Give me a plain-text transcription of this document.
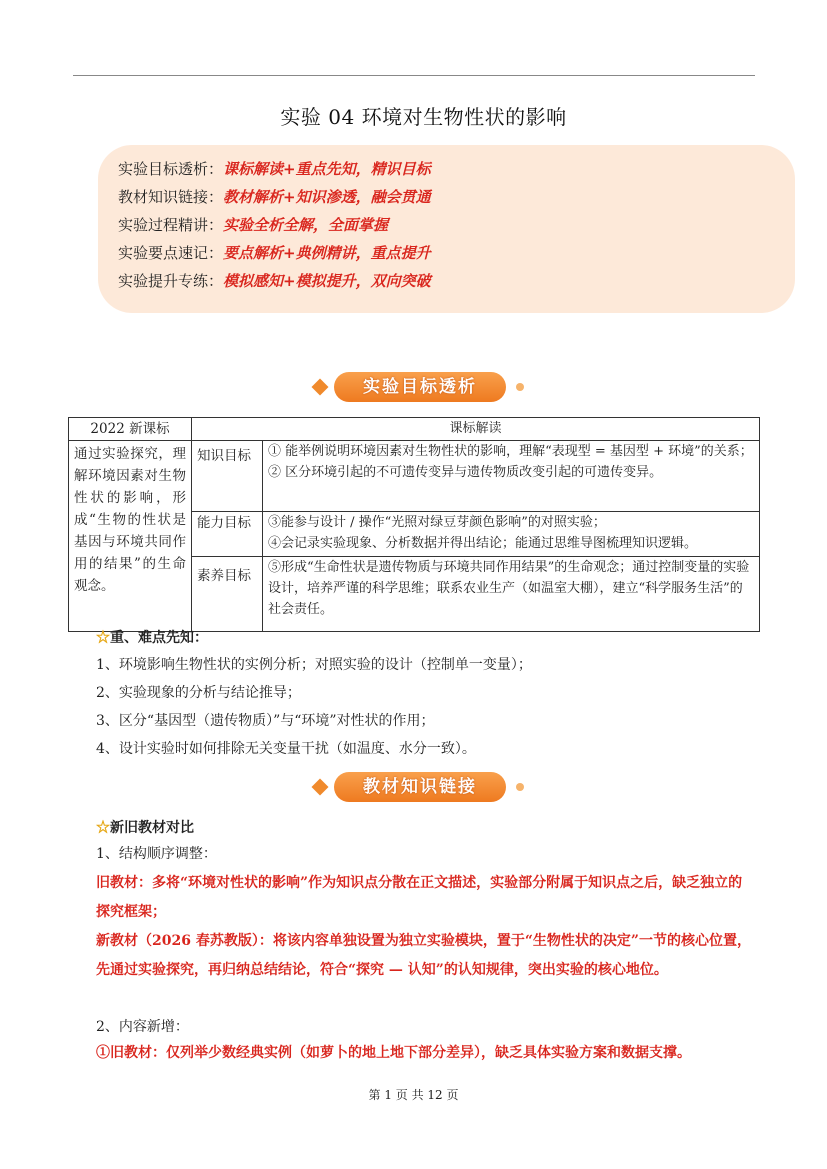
实验 04 环境对生物性状的影响
实验目标透析：课标解读+重点先知，精识目标
教材知识链接：教材解析+知识渗透，融会贯通
实验过程精讲：实验全析全解，全面掌握
实验要点速记：要点解析+典例精讲，重点提升
实验提升专练：模拟感知+模拟提升，双向突破
实验目标透析
2022 新课标	课标解读	

通过实验探究，理解环境因素对生物性状的影响，形成“生物的性状是基因与环境共同作用的结果”的生命观念。	知识目标	① 能举例说明环境因素对生物性状的影响，理解“表现型 = 基因型 + 环境”的关系；
② 区分环境引起的不可遗传变异与遗传物质改变引起的可遗传变异。

	能力目标	③能参与设计 / 操作“光照对绿豆芽颜色影响”的对照实验；
④会记录实验现象、分析数据并得出结论；能通过思维导图梳理知识逻辑。

	素养目标	⑤形成“生命性状是遗传物质与环境共同作用结果”的生命观念；通过控制变量的实验设计，培养严谨的科学思维；联系农业生产（如温室大棚），建立“科学服务生活”的社会责任。
☆重、难点先知：
1、环境影响生物性状的实例分析；对照实验的设计（控制单一变量）；
2、实验现象的分析与结论推导；
3、区分“基因型（遗传物质）”与“环境”对性状的作用；
4、设计实验时如何排除无关变量干扰（如温度、水分一致）。
教材知识链接
☆新旧教材对比
1、结构顺序调整：
旧教材：多将“环境对性状的影响”作为知识点分散在正文描述，实验部分附属于知识点之后，缺乏独立的探究框架；
新教材（2026 春苏教版）：将该内容单独设置为独立实验模块，置于“生物性状的决定”一节的核心位置，先通过实验探究，再归纳总结结论，符合“探究 — 认知”的认知规律，突出实验的核心地位。
2、内容新增：
①旧教材：仅列举少数经典实例（如萝卜的地上地下部分差异），缺乏具体实验方案和数据支撑。
第 1 页 共 12 页
